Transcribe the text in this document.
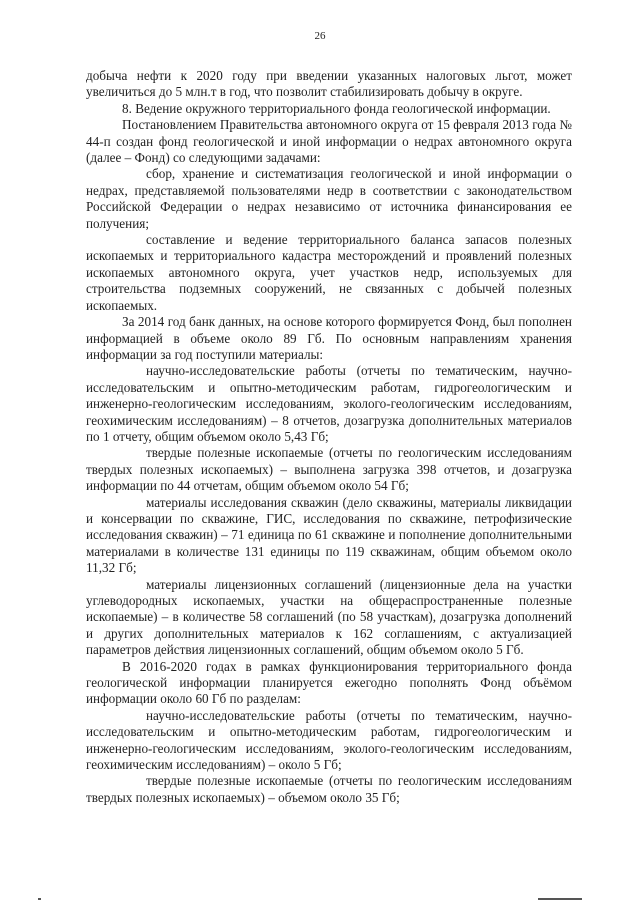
26

добыча нефти к 2020 году при введении указанных налоговых льгот, может увеличиться до 5 млн.т в год, что позволит стабилизировать добычу в округе.

8. Ведение окружного территориального фонда геологической информации.

Постановлением Правительства автономного округа от 15 февраля 2013 года № 44-п создан фонд геологической и иной информации о недрах автономного округа (далее – Фонд) со следующими задачами:

сбор, хранение и систематизация геологической и иной информации о недрах, представляемой пользователями недр в соответствии с законодательством Российской Федерации о недрах независимо от источника финансирования ее получения;

составление и ведение территориального баланса запасов полезных ископаемых и территориального кадастра месторождений и проявлений полезных ископаемых автономного округа, учет участков недр, используемых для строительства подземных сооружений, не связанных с добычей полезных ископаемых.

За 2014 год банк данных, на основе которого формируется Фонд, был пополнен информацией в объеме около 89 Гб. По основным направлениям хранения информации за год поступили материалы:

научно-исследовательские работы (отчеты по тематическим, научно-исследовательским и опытно-методическим работам, гидрогеологическим и инженерно-геологическим исследованиям, эколого-геологическим исследованиям, геохимическим исследованиям) – 8 отчетов, дозагрузка дополнительных материалов по 1 отчету, общим объемом около 5,43 Гб;

твердые полезные ископаемые (отчеты по геологическим исследованиям твердых полезных ископаемых) – выполнена загрузка 398 отчетов, и дозагрузка информации по 44 отчетам, общим объемом около 54 Гб;

материалы исследования скважин (дело скважины, материалы ликвидации и консервации по скважине, ГИС, исследования по скважине, петрофизические исследования скважин) – 71 единица по 61 скважине и пополнение дополнительными материалами в количестве 131 единицы по 119 скважинам, общим объемом около 11,32 Гб;

материалы лицензионных соглашений (лицензионные дела на участки углеводородных ископаемых, участки на общераспространенные полезные ископаемые) – в количестве 58 соглашений (по 58 участкам), дозагрузка дополнений и других дополнительных материалов к 162 соглашениям, с актуализацией параметров действия лицензионных соглашений, общим объемом около 5 Гб.

В 2016-2020 годах в рамках функционирования территориального фонда геологической информации планируется ежегодно пополнять Фонд объёмом информации около 60 Гб по разделам:

научно-исследовательские работы (отчеты по тематическим, научно-исследовательским и опытно-методическим работам, гидрогеологическим и инженерно-геологическим исследованиям, эколого-геологическим исследованиям, геохимическим исследованиям) – около 5 Гб;

твердые полезные ископаемые (отчеты по геологическим исследованиям твердых полезных ископаемых) – объемом около 35 Гб;
